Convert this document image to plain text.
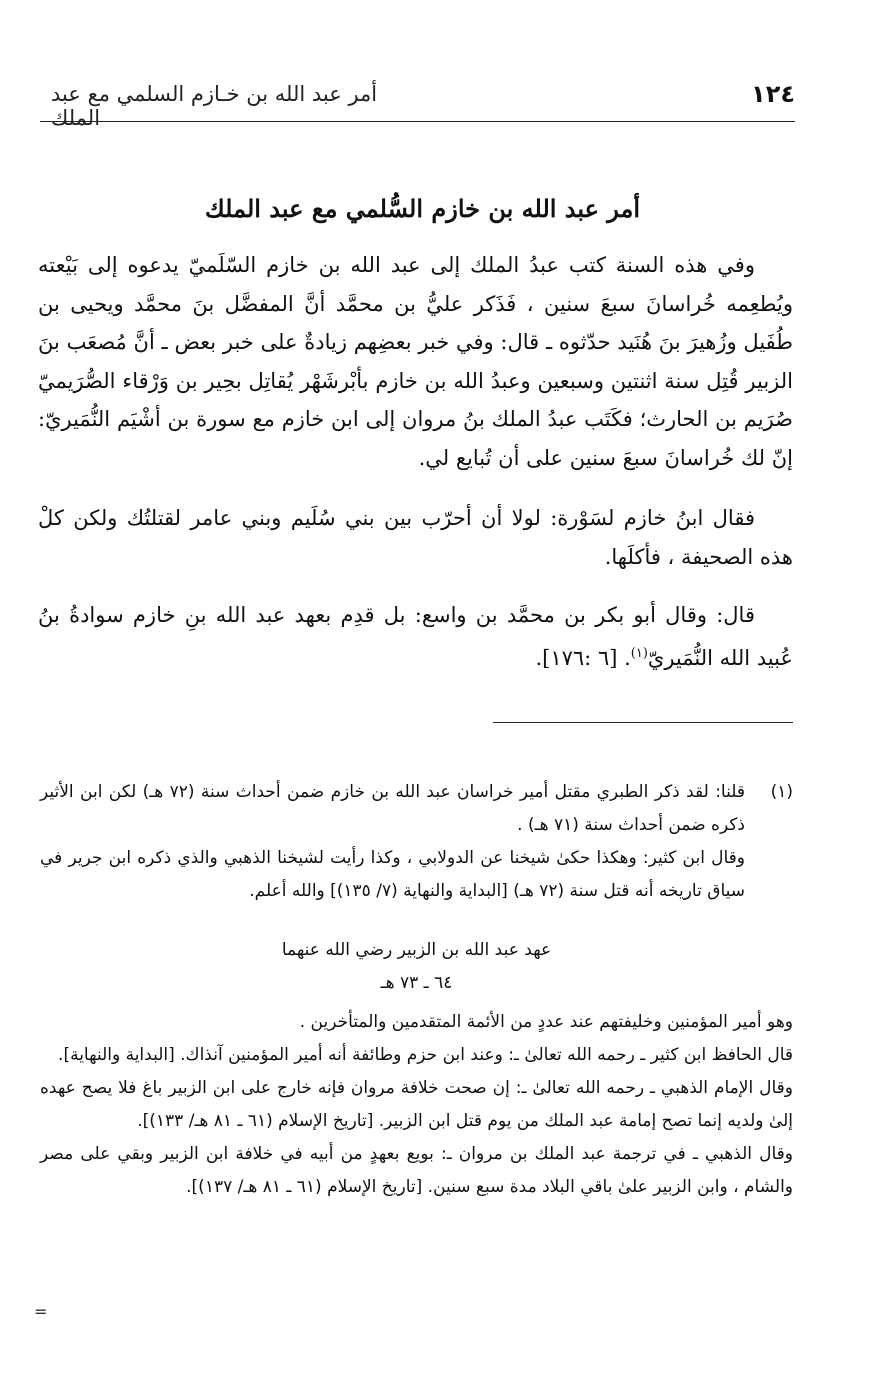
١٢٤
أمر عبد الله بن خـازم السلمي مع عبد الملك
أمر عبد الله بن خازم السُّلمي مع عبد الملك

وفي هذه السنة كتب عبدُ الملك إلى عبد الله بن خازم السّلَميّ يدعوه إلى بَيْعته ويُطعِمه خُراسانَ سبعَ سنين ، فَذَكر عليُّ بن محمَّد أنَّ المفضَّل بنَ محمَّد ويحيى بن طُفَيل وزُهيرَ بنَ هُنَيد حدّثوه ـ قال: وفي خبر بعضِهم زيادةٌ على خبر بعض ـ أنَّ مُصعَب بنَ الزبير قُتِل سنة اثنتين وسبعين وعبدُ الله بن خازم بأبْرشَهْر يُقاتِل بحِير بن وَرْقاء الصُّرَيميّ صُرَيم بن الحارث؛ فكَتَب عبدُ الملك بنُ مروان إلى ابن خازم مع سورة بن أشْيَم النُّمَيريّ: إنّ لك خُراسانَ سبعَ سنين على أن تُبايع لي.

فقال ابنُ خازم لسَوْرة: لولا أن أحرّب بين بني سُلَيم وبني عامر لقتلتُك ولكن كلْ هذه الصحيفة ، فأكلَها.

قال: وقال أبو بكر بن محمَّد بن واسع: بل قدِم بعهد عبد الله بنِ خازم سوادةُ بنُ عُبيد الله النُّمَيريّ$^{(١)}$. [٦ :١٧٦].

(١)

قلنا: لقد ذكر الطبري مقتل أمير خراسان عبد الله بن خازم ضمن أحداث سنة (٧٢ هـ) لكن ابن الأثير ذكره ضمن أحداث سنة (٧١ هـ) .

وقال ابن كثير: وهكذا حكىٰ شيخنا عن الدولابي ، وكذا رأيت لشيخنا الذهبي والذي ذكره ابن جرير في سياق تاريخه أنه قتل سنة (٧٢ هـ) [البداية والنهاية (٧/ ١٣٥)] والله أعلم.

عهد عبد الله بن الزبير رضي الله عنهما

٦٤ ـ ٧٣ هـ

وهو أمير المؤمنين وخليفتهم عند عددٍ من الأئمة المتقدمين والمتأخرين .

قال الحافظ ابن كثير ـ رحمه الله تعالىٰ ـ: وعند ابن حزم وطائفة أنه أمير المؤمنين آنذاك. [البداية والنهاية].

وقال الإمام الذهبي ـ رحمه الله تعالىٰ ـ: إن صحت خلافة مروان فإنه خارج على ابن الزبير باغ فلا يصح عهده إلىٰ ولديه إنما تصح إمامة عبد الملك من يوم قتل ابن الزبير. [تاريخ الإسلام (٦١ ـ ٨١ هـ/ ١٣٣)].

وقال الذهبي ـ في ترجمة عبد الملك بن مروان ـ: بويع بعهدٍ من أبيه في خلافة ابن الزبير وبقي على مصر والشام ، وابن الزبير علىٰ باقي البلاد مدة سبع سنين. [تاريخ الإسلام (٦١ ـ ٨١ هـ/ ١٣٧)].

=
